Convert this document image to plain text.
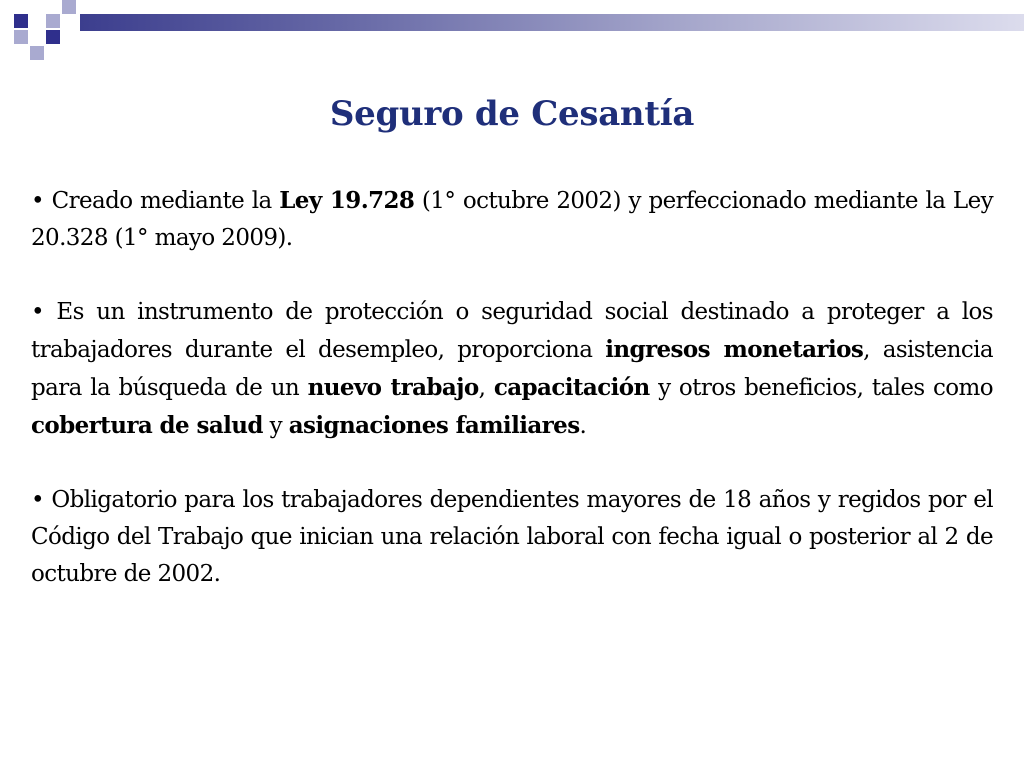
Seguro de Cesantía

• Creado mediante la Ley 19.728 (1° octubre 2002) y perfeccionado mediante la Ley 20.328 (1° mayo 2009).

• Es un instrumento de protección o seguridad social destinado a proteger a los trabajadores durante el desempleo, proporciona ingresos monetarios, asistencia para la búsqueda de un nuevo trabajo, capacitación y otros beneficios, tales como cobertura de salud y asignaciones familiares.

• Obligatorio para los trabajadores dependientes mayores de 18 años y regidos por el Código del Trabajo que inician una relación laboral con fecha igual o posterior al 2 de octubre de 2002.
